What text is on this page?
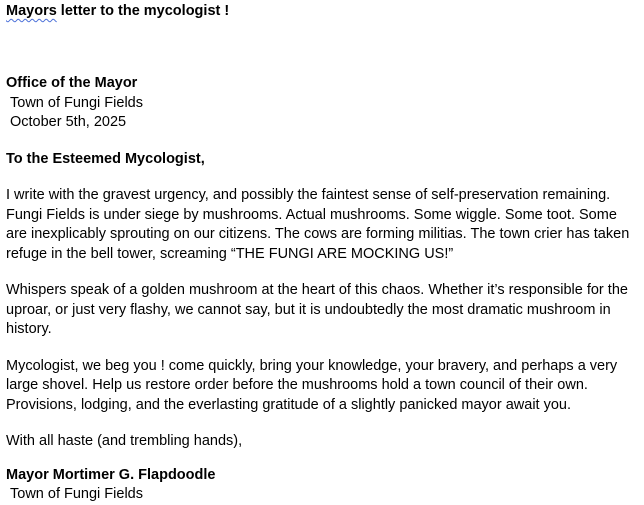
Mayors letter to the mycologist !
Office of the Mayor
Town of Fungi Fields
October 5th, 2025
To the Esteemed Mycologist,

I write with the gravest urgency, and possibly the faintest sense of self-preservation remaining. Fungi Fields is under siege by mushrooms. Actual mushrooms. Some wiggle. Some toot. Some are inexplicably sprouting on our citizens. The cows are forming militias. The town crier has taken refuge in the bell tower, screaming “THE FUNGI ARE MOCKING US!”

Whispers speak of a golden mushroom at the heart of this chaos. Whether it’s responsible for the uproar, or just very flashy, we cannot say, but it is undoubtedly the most dramatic mushroom in history.

Mycologist, we beg you ! come quickly, bring your knowledge, your bravery, and perhaps a very large shovel. Help us restore order before the mushrooms hold a town council of their own. Provisions, lodging, and the everlasting gratitude of a slightly panicked mayor await you.

With all haste (and trembling hands),
Mayor Mortimer G. Flapdoodle
Town of Fungi Fields
